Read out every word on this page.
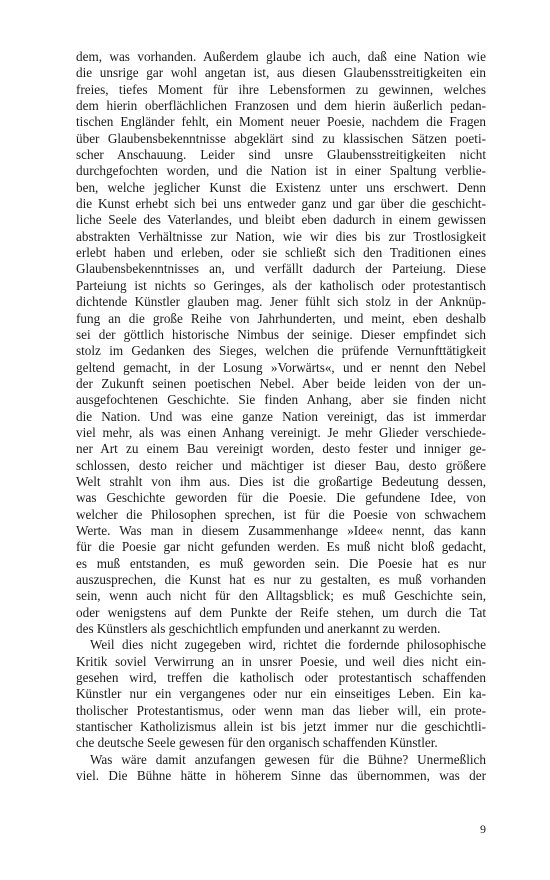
dem, was vorhanden. Außerdem glaube ich auch, daß eine Nation wie
die unsrige gar wohl angetan ist, aus diesen Glaubensstreitigkeiten ein
freies, tiefes Moment für ihre Lebensformen zu gewinnen, welches
dem hierin oberflächlichen Franzosen und dem hierin äußerlich pedan-
tischen Engländer fehlt, ein Moment neuer Poesie, nachdem die Fragen
über Glaubensbekenntnisse abgeklärt sind zu klassischen Sätzen poeti-
scher Anschauung. Leider sind unsre Glaubensstreitigkeiten nicht
durchgefochten worden, und die Nation ist in einer Spaltung verblie-
ben, welche jeglicher Kunst die Existenz unter uns erschwert. Denn
die Kunst erhebt sich bei uns entweder ganz und gar über die geschicht-
liche Seele des Vaterlandes, und bleibt eben dadurch in einem gewissen
abstrakten Verhältnisse zur Nation, wie wir dies bis zur Trostlosigkeit
erlebt haben und erleben, oder sie schließt sich den Traditionen eines
Glaubensbekenntnisses an, und verfällt dadurch der Parteiung. Diese
Parteiung ist nichts so Geringes, als der katholisch oder protestantisch
dichtende Künstler glauben mag. Jener fühlt sich stolz in der Anknüp-
fung an die große Reihe von Jahrhunderten, und meint, eben deshalb
sei der göttlich historische Nimbus der seinige. Dieser empfindet sich
stolz im Gedanken des Sieges, welchen die prüfende Vernunfttätigkeit
geltend gemacht, in der Losung »Vorwärts«, und er nennt den Nebel
der Zukunft seinen poetischen Nebel. Aber beide leiden von der un-
ausgefochtenen Geschichte. Sie finden Anhang, aber sie finden nicht
die Nation. Und was eine ganze Nation vereinigt, das ist immerdar
viel mehr, als was einen Anhang vereinigt. Je mehr Glieder verschiede-
ner Art zu einem Bau vereinigt worden, desto fester und inniger ge-
schlossen, desto reicher und mächtiger ist dieser Bau, desto größere
Welt strahlt von ihm aus. Dies ist die großartige Bedeutung dessen,
was Geschichte geworden für die Poesie. Die gefundene Idee, von
welcher die Philosophen sprechen, ist für die Poesie von schwachem
Werte. Was man in diesem Zusammenhange »Idee« nennt, das kann
für die Poesie gar nicht gefunden werden. Es muß nicht bloß gedacht,
es muß entstanden, es muß geworden sein. Die Poesie hat es nur
auszusprechen, die Kunst hat es nur zu gestalten, es muß vorhanden
sein, wenn auch nicht für den Alltagsblick; es muß Geschichte sein,
oder wenigstens auf dem Punkte der Reife stehen, um durch die Tat
des Künstlers als geschichtlich empfunden und anerkannt zu werden.
Weil dies nicht zugegeben wird, richtet die fordernde philosophische
Kritik soviel Verwirrung an in unsrer Poesie, und weil dies nicht ein-
gesehen wird, treffen die katholisch oder protestantisch schaffenden
Künstler nur ein vergangenes oder nur ein einseitiges Leben. Ein ka-
tholischer Protestantismus, oder wenn man das lieber will, ein prote-
stantischer Katholizismus allein ist bis jetzt immer nur die geschichtli-
che deutsche Seele gewesen für den organisch schaffenden Künstler.
Was wäre damit anzufangen gewesen für die Bühne? Unermeßlich
viel. Die Bühne hätte in höherem Sinne das übernommen, was der
9
